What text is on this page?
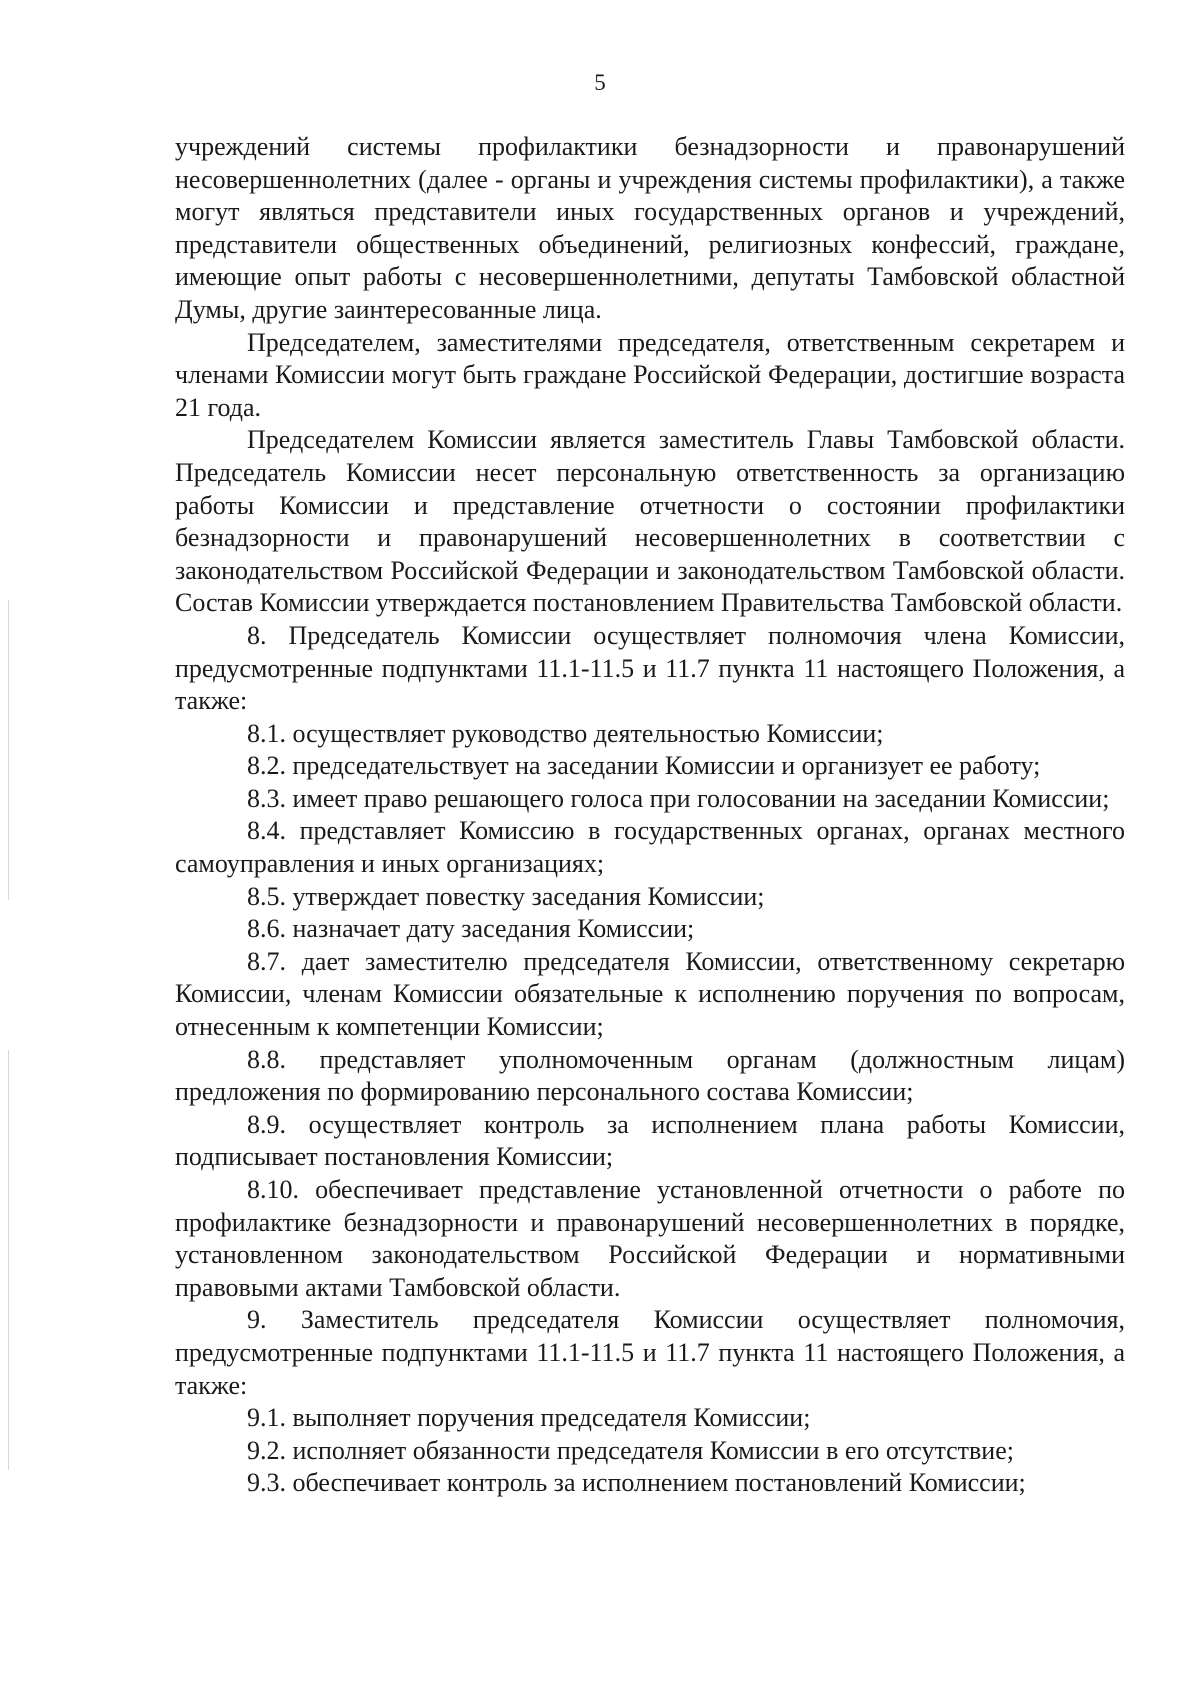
5

учреждений системы профилактики безнадзорности и правонарушений несовершеннолетних (далее - органы и учреждения системы профилактики), а также могут являться представители иных государственных органов и учреждений, представители общественных объединений, религиозных конфессий, граждане, имеющие опыт работы с несовершеннолетними, депутаты Тамбовской областной Думы, другие заинтересованные лица.

Председателем, заместителями председателя, ответственным секретарем и членами Комиссии могут быть граждане Российской Федерации, достигшие возраста 21 года.

Председателем Комиссии является заместитель Главы Тамбовской области. Председатель Комиссии несет персональную ответственность за организацию работы Комиссии и представление отчетности о состоянии профилактики безнадзорности и правонарушений несовершеннолетних в соответствии с законодательством Российской Федерации и законодательством Тамбовской области. Состав Комиссии утверждается постановлением Правительства Тамбовской области.

8. Председатель Комиссии осуществляет полномочия члена Комиссии, предусмотренные подпунктами 11.1-11.5 и 11.7 пункта 11 настоящего Положения, а также:

8.1. осуществляет руководство деятельностью Комиссии;

8.2. председательствует на заседании Комиссии и организует ее работу;

8.3. имеет право решающего голоса при голосовании на заседании Комиссии;

8.4. представляет Комиссию в государственных органах, органах местного самоуправления и иных организациях;

8.5. утверждает повестку заседания Комиссии;

8.6. назначает дату заседания Комиссии;

8.7. дает заместителю председателя Комиссии, ответственному секретарю Комиссии, членам Комиссии обязательные к исполнению поручения по вопросам, отнесенным к компетенции Комиссии;

8.8. представляет уполномоченным органам (должностным лицам) предложения по формированию персонального состава Комиссии;

8.9. осуществляет контроль за исполнением плана работы Комиссии, подписывает постановления Комиссии;

8.10. обеспечивает представление установленной отчетности о работе по профилактике безнадзорности и правонарушений несовершеннолетних в порядке, установленном законодательством Российской Федерации и нормативными правовыми актами Тамбовской области.

9. Заместитель председателя Комиссии осуществляет полномочия, предусмотренные подпунктами 11.1-11.5 и 11.7 пункта 11 настоящего Положения, а также:

9.1. выполняет поручения председателя Комиссии;

9.2. исполняет обязанности председателя Комиссии в его отсутствие;

9.3. обеспечивает контроль за исполнением постановлений Комиссии;
